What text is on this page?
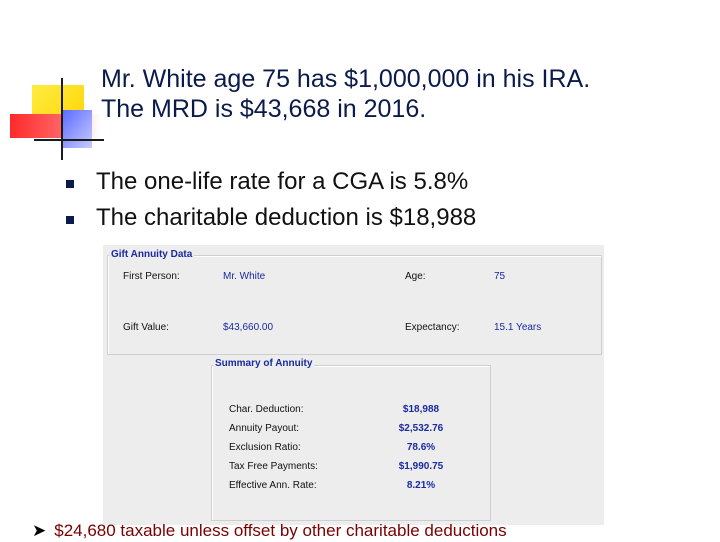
Mr. White age 75 has $1,000,000 in his IRA.
The MRD is $43,668 in 2016.
The one-life rate for a CGA is 5.8%
The charitable deduction is $18,988
Gift Annuity Data
First Person:	Mr. White	Age:	75
Gift Value:	$43,660.00	Expectancy:	15.1 Years
Summary of Annuity
Char. Deduction:	$18,988
Annuity Payout:	$2,532.76
Exclusion Ratio:	78.6%
Tax Free Payments:	$1,990.75
Effective Ann. Rate:	8.21%
➤ $24,680 taxable unless offset by other charitable deductions
